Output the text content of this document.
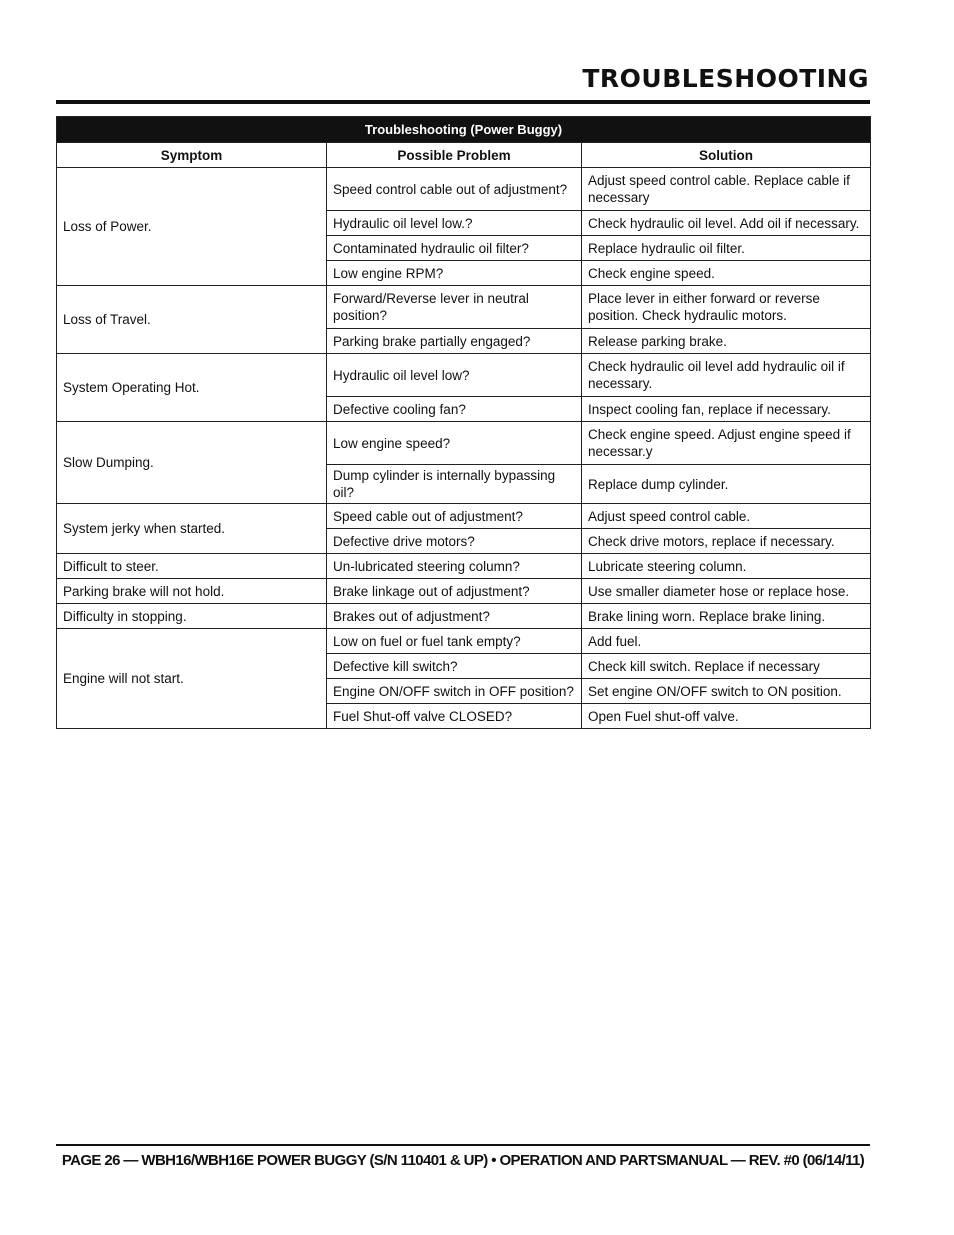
TROUBLESHOOTING
Troubleshooting (Power Buggy)		
Symptom	Possible Problem	Solution
Loss of Power.	Speed control cable out of adjustment?	Adjust speed control cable. Replace cable if necessary
	Hydraulic oil level low.?	Check hydraulic oil level. Add oil if necessary.
	Contaminated hydraulic oil filter?	Replace hydraulic oil filter.
	Low engine RPM?	Check engine speed.
Loss of Travel.	Forward/Reverse lever in neutral position?	Place lever in either forward or reverse position. Check hydraulic motors.
	Parking brake partially engaged?	Release parking brake.
System Operating Hot.	Hydraulic oil level low?	Check hydraulic oil level add hydraulic oil if necessary.
	Defective cooling fan?	Inspect cooling fan, replace if necessary.
Slow Dumping.	Low engine speed?	Check engine speed. Adjust engine speed if necessar.y
	Dump cylinder is internally bypassing oil?	Replace dump cylinder.
System jerky when started.	Speed cable out of adjustment?	Adjust speed control cable.
	Defective drive motors?	Check drive motors, replace if necessary.
Difficult to steer.	Un-lubricated steering column?	Lubricate steering column.
Parking brake will not hold.	Brake linkage out of adjustment?	Use smaller diameter hose or replace hose.
Difficulty in stopping.	Brakes out of adjustment?	Brake lining worn. Replace brake lining.
Engine will not start.	Low on fuel or fuel tank empty?	Add fuel.
	Defective kill switch?	Check kill switch. Replace if necessary
	Engine ON/OFF switch in OFF position?	Set engine ON/OFF switch to ON position.
	Fuel Shut-off valve CLOSED?	Open Fuel shut-off valve.
PAGE 26 — WBH16/WBH16E POWER BUGGY (S/N 110401 & UP) • OPERATION AND PARTSMANUAL — REV. #0 (06/14/11)
